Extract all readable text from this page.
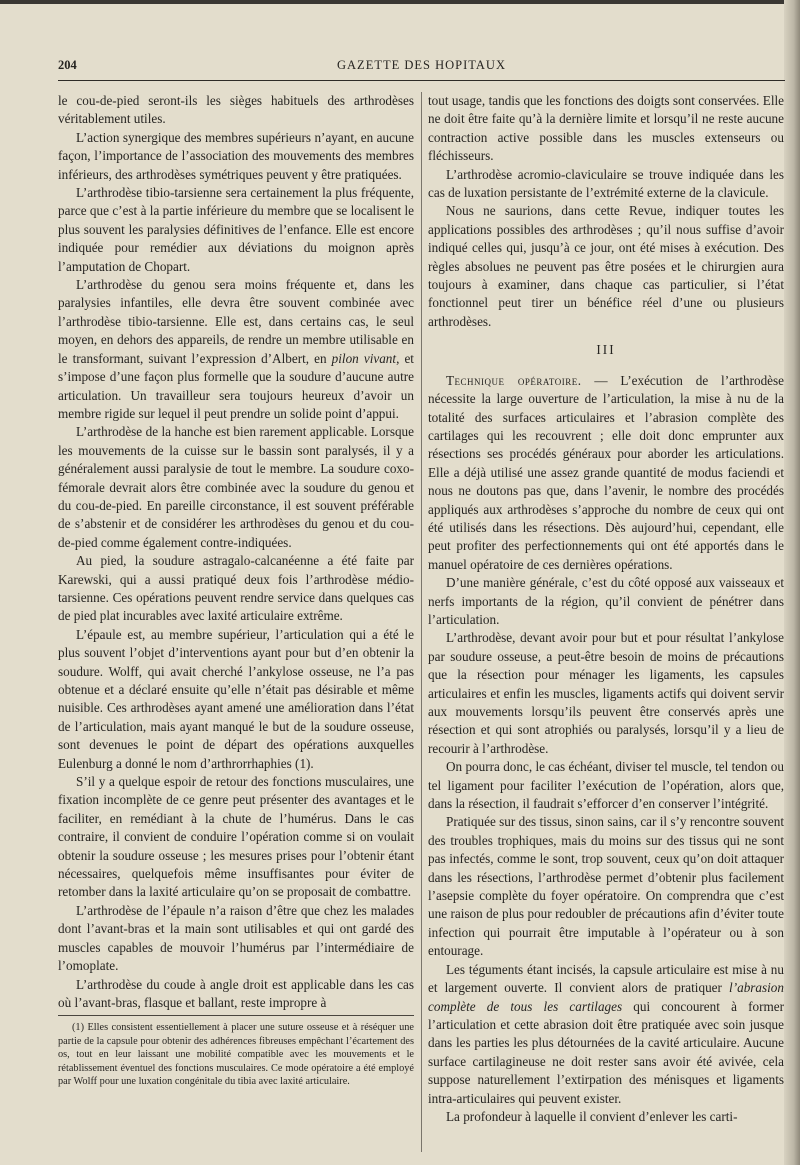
204	GAZETTE DES HOPITAUX

le cou-de-pied seront-ils les sièges habituels des arthrodèses véritablement utiles.

L’action synergique des membres supérieurs n’ayant, en aucune façon, l’importance de l’association des mouvements des membres inférieurs, des arthrodèses symétriques peuvent y être pratiquées.

L’arthrodèse tibio-tarsienne sera certainement la plus fréquente, parce que c’est à la partie inférieure du membre que se localisent le plus souvent les paralysies définitives de l’enfance. Elle est encore indiquée pour remédier aux déviations du moignon après l’amputation de Chopart.

L’arthrodèse du genou sera moins fréquente et, dans les paralysies infantiles, elle devra être souvent combinée avec l’arthrodèse tibio-tarsienne. Elle est, dans certains cas, le seul moyen, en dehors des appareils, de rendre un membre utilisable en le transformant, suivant l’expression d’Albert, en pilon vivant, et s’impose d’une façon plus formelle que la soudure d’aucune autre articulation. Un travailleur sera toujours heureux d’avoir un membre rigide sur lequel il peut prendre un solide point d’appui.

L’arthrodèse de la hanche est bien rarement applicable. Lorsque les mouvements de la cuisse sur le bassin sont paralysés, il y a généralement aussi paralysie de tout le membre. La soudure coxo-fémorale devrait alors être combinée avec la soudure du genou et du cou-de-pied. En pareille circonstance, il est souvent préférable de s’abstenir et de considérer les arthrodèses du genou et du cou-de-pied comme également contre-indiquées.

Au pied, la soudure astragalo-calcanéenne a été faite par Karewski, qui a aussi pratiqué deux fois l’arthrodèse médio-tarsienne. Ces opérations peuvent rendre service dans quelques cas de pied plat incurables avec laxité articulaire extrême.

L’épaule est, au membre supérieur, l’articulation qui a été le plus souvent l’objet d’interventions ayant pour but d’en obtenir la soudure. Wolff, qui avait cherché l’ankylose osseuse, ne l’a pas obtenue et a déclaré ensuite qu’elle n’était pas désirable et même nuisible. Ces arthrodèses ayant amené une amélioration dans l’état de l’articulation, mais ayant manqué le but de la soudure osseuse, sont devenues le point de départ des opérations auxquelles Eulenburg a donné le nom d’arthrorrhaphies (1).

S’il y a quelque espoir de retour des fonctions musculaires, une fixation incomplète de ce genre peut présenter des avantages et le faciliter, en remédiant à la chute de l’humérus. Dans le cas contraire, il convient de conduire l’opération comme si on voulait obtenir la soudure osseuse ; les mesures prises pour l’obtenir étant nécessaires, quelquefois même insuffisantes pour éviter de retomber dans la laxité articulaire qu’on se proposait de combattre.

L’arthrodèse de l’épaule n’a raison d’être que chez les malades dont l’avant-bras et la main sont utilisables et qui ont gardé des muscles capables de mouvoir l’humérus par l’intermédiaire de l’omoplate.

L’arthrodèse du coude à angle droit est applicable dans les cas où l’avant-bras, flasque et ballant, reste impropre à

(1) Elles consistent essentiellement à placer une suture osseuse et à réséquer une partie de la capsule pour obtenir des adhérences fibreuses empêchant l’écartement des os, tout en leur laissant une mobilité compatible avec les mouvements et le rétablissement éventuel des fonctions musculaires. Ce mode opératoire a été employé par Wolff pour une luxation congénitale du tibia avec laxité articulaire.

tout usage, tandis que les fonctions des doigts sont conservées. Elle ne doit être faite qu’à la dernière limite et lorsqu’il ne reste aucune contraction active possible dans les muscles extenseurs ou fléchisseurs.

L’arthrodèse acromio-claviculaire se trouve indiquée dans les cas de luxation persistante de l’extrémité externe de la clavicule.

Nous ne saurions, dans cette Revue, indiquer toutes les applications possibles des arthrodèses ; qu’il nous suffise d’avoir indiqué celles qui, jusqu’à ce jour, ont été mises à exécution. Des règles absolues ne peuvent pas être posées et le chirurgien aura toujours à examiner, dans chaque cas particulier, si l’état fonctionnel peut tirer un bénéfice réel d’une ou plusieurs arthrodèses.

III

Technique opératoire. — L’exécution de l’arthrodèse nécessite la large ouverture de l’articulation, la mise à nu de la totalité des surfaces articulaires et l’abrasion complète des cartilages qui les recouvrent ; elle doit donc emprunter aux résections ses procédés généraux pour aborder les articulations. Elle a déjà utilisé une assez grande quantité de modus faciendi et nous ne doutons pas que, dans l’avenir, le nombre des procédés appliqués aux arthrodèses s’approche du nombre de ceux qui ont été utilisés dans les résections. Dès aujourd’hui, cependant, elle peut profiter des perfectionnements qui ont été apportés dans le manuel opératoire de ces dernières opérations.

D’une manière générale, c’est du côté opposé aux vaisseaux et nerfs importants de la région, qu’il convient de pénétrer dans l’articulation.

L’arthrodèse, devant avoir pour but et pour résultat l’ankylose par soudure osseuse, a peut-être besoin de moins de précautions que la résection pour ménager les ligaments, les capsules articulaires et enfin les muscles, ligaments actifs qui doivent servir aux mouvements lorsqu’ils peuvent être conservés après une résection et qui sont atrophiés ou paralysés, lorsqu’il y a lieu de recourir à l’arthrodèse.

On pourra donc, le cas échéant, diviser tel muscle, tel tendon ou tel ligament pour faciliter l’exécution de l’opération, alors que, dans la résection, il faudrait s’efforcer d’en conserver l’intégrité.

Pratiquée sur des tissus, sinon sains, car il s’y rencontre souvent des troubles trophiques, mais du moins sur des tissus qui ne sont pas infectés, comme le sont, trop souvent, ceux qu’on doit attaquer dans les résections, l’arthrodèse permet d’obtenir plus facilement l’asepsie complète du foyer opératoire. On comprendra que c’est une raison de plus pour redoubler de précautions afin d’éviter toute infection qui pourrait être imputable à l’opérateur ou à son entourage.

Les téguments étant incisés, la capsule articulaire est mise à nu et largement ouverte. Il convient alors de pratiquer l’abrasion complète de tous les cartilages qui concourent à former l’articulation et cette abrasion doit être pratiquée avec soin jusque dans les parties les plus détournées de la cavité articulaire. Aucune surface cartilagineuse ne doit rester sans avoir été avivée, cela suppose naturellement l’extirpation des ménisques et ligaments intra-articulaires qui peuvent exister.

La profondeur à laquelle il convient d’enlever les carti-
